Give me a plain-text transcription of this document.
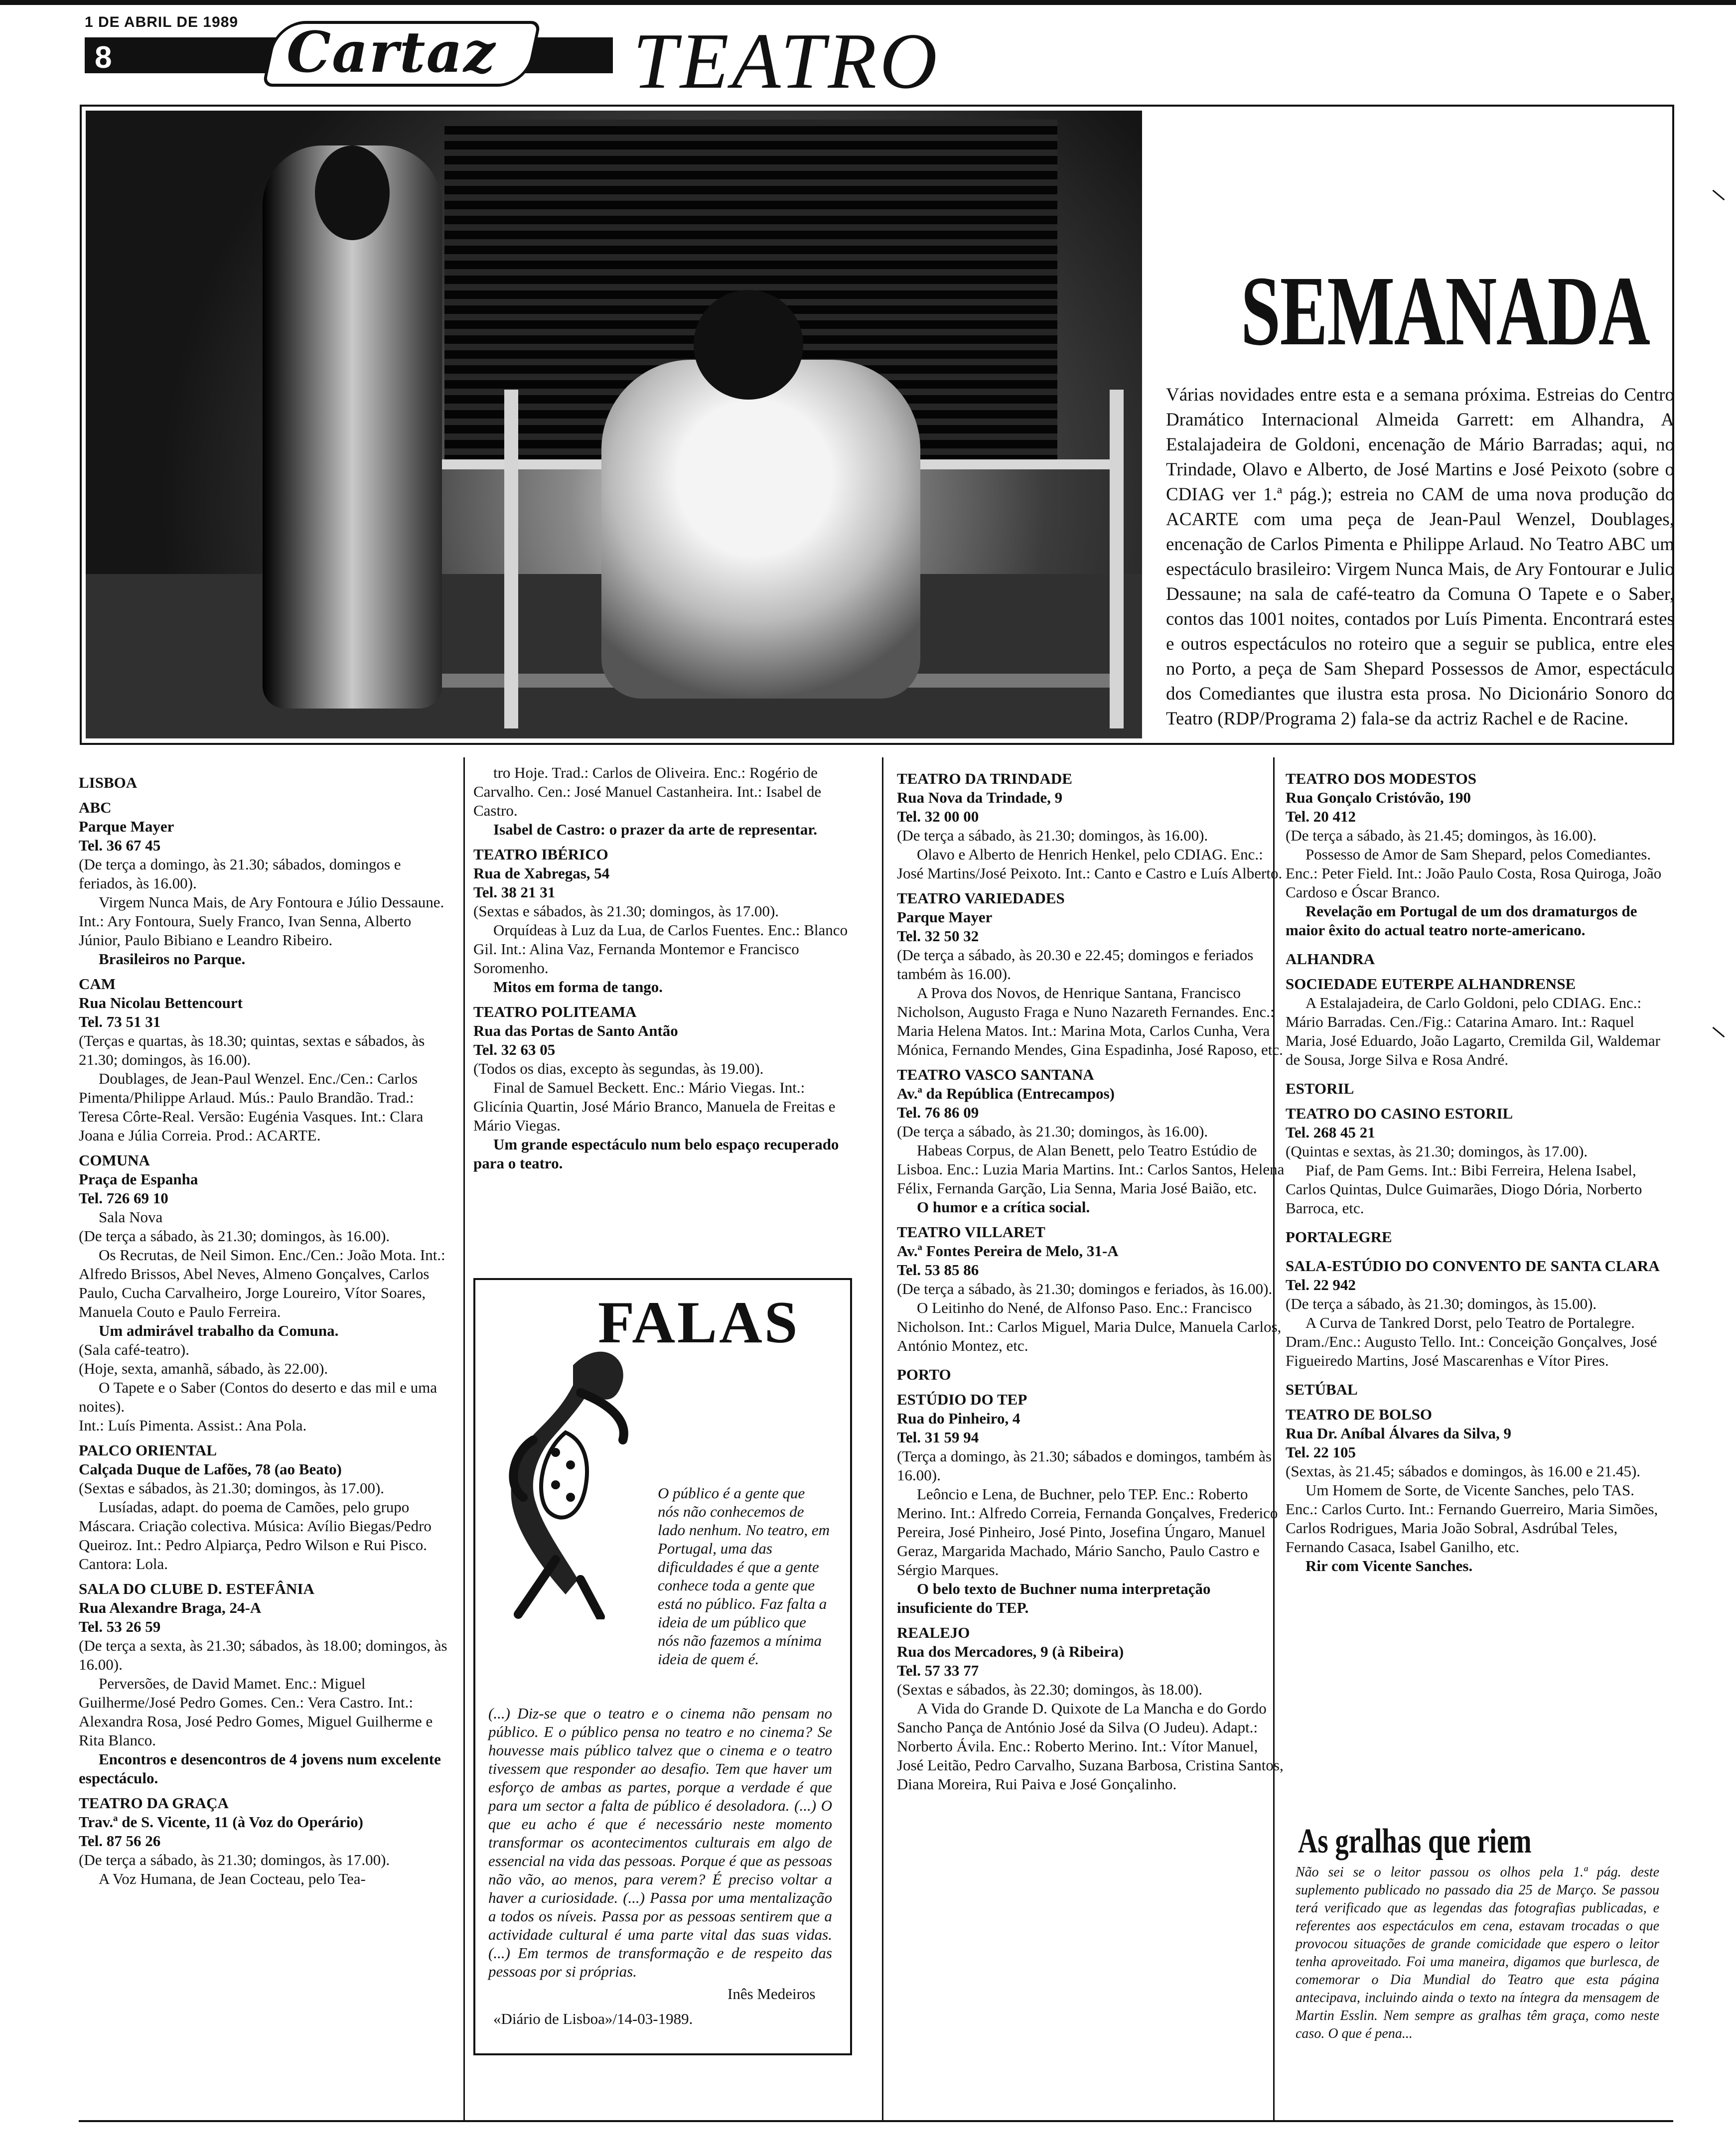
1 DE ABRIL DE 1989
8	Cartaz TEATRO
SEMANADA
Várias novidades entre esta e a semana próxima. Estreias do Centro Dramático Internacional Almeida Garrett: em Alhandra, A Estalajadeira de Goldoni, encenação de Mário Barradas; aqui, no Trindade, Olavo e Alberto, de José Martins e José Peixoto (sobre o CDIAG ver 1.ª pág.); estreia no CAM de uma nova produção do ACARTE com uma peça de Jean-Paul Wenzel, Doublages, encenação de Carlos Pimenta e Philippe Arlaud. No Teatro ABC um espectáculo brasileiro: Virgem Nunca Mais, de Ary Fontourar e Julio Dessaune; na sala de café-teatro da Comuna O Tapete e o Saber, contos das 1001 noites, contados por Luís Pimenta. Encontrará estes e outros espectáculos no roteiro que a seguir se publica, entre eles no Porto, a peça de Sam Shepard Possessos de Amor, espectáculo dos Comediantes que ilustra esta prosa. No Dicionário Sonoro do Teatro (RDP/Programa 2) fala-se da actriz Rachel e de Racine.
LISBOA
ABC
Parque Mayer
Tel. 36 67 45
(De terça a domingo, às 21.30; sábados, domingos e feriados, às 16.00).
Virgem Nunca Mais, de Ary Fontoura e Júlio Dessaune. Int.: Ary Fontoura, Suely Franco, Ivan Senna, Alberto Júnior, Paulo Bibiano e Leandro Ribeiro.
Brasileiros no Parque.
CAM
Rua Nicolau Bettencourt
Tel. 73 51 31
(Terças e quartas, às 18.30; quintas, sextas e sábados, às 21.30; domingos, às 16.00).
Doublages, de Jean-Paul Wenzel. Enc./Cen.: Carlos Pimenta/Philippe Arlaud. Mús.: Paulo Brandão. Trad.: Teresa Côrte-Real. Versão: Eugénia Vasques. Int.: Clara Joana e Júlia Correia. Prod.: ACARTE.
COMUNA
Praça de Espanha
Tel. 726 69 10
Sala Nova
(De terça a sábado, às 21.30; domingos, às 16.00).
Os Recrutas, de Neil Simon. Enc./Cen.: João Mota. Int.: Alfredo Brissos, Abel Neves, Almeno Gonçalves, Carlos Paulo, Cucha Carvalheiro, Jorge Loureiro, Vítor Soares, Manuela Couto e Paulo Ferreira.
Um admirável trabalho da Comuna.
(Sala café-teatro).
(Hoje, sexta, amanhã, sábado, às 22.00).
O Tapete e o Saber (Contos do deserto e das mil e uma noites).
Int.: Luís Pimenta. Assist.: Ana Pola.
PALCO ORIENTAL
Calçada Duque de Lafões, 78 (ao Beato)
(Sextas e sábados, às 21.30; domingos, às 17.00).
Lusíadas, adapt. do poema de Camões, pelo grupo Máscara. Criação colectiva. Música: Avílio Biegas/Pedro Queiroz. Int.: Pedro Alpiarça, Pedro Wilson e Rui Pisco. Cantora: Lola.
SALA DO CLUBE D. ESTEFÂNIA
Rua Alexandre Braga, 24-A
Tel. 53 26 59
(De terça a sexta, às 21.30; sábados, às 18.00; domingos, às 16.00).
Perversões, de David Mamet. Enc.: Miguel Guilherme/José Pedro Gomes. Cen.: Vera Castro. Int.: Alexandra Rosa, José Pedro Gomes, Miguel Guilherme e Rita Blanco.
Encontros e desencontros de 4 jovens num excelente espectáculo.
TEATRO DA GRAÇA
Trav.ª de S. Vicente, 11 (à Voz do Operário)
Tel. 87 56 26
(De terça a sábado, às 21.30; domingos, às 17.00).
A Voz Humana, de Jean Cocteau, pelo Tea-
tro Hoje. Trad.: Carlos de Oliveira. Enc.: Rogério de Carvalho. Cen.: José Manuel Castanheira. Int.: Isabel de Castro.
Isabel de Castro: o prazer da arte de representar.
TEATRO IBÉRICO
Rua de Xabregas, 54
Tel. 38 21 31
(Sextas e sábados, às 21.30; domingos, às 17.00).
Orquídeas à Luz da Lua, de Carlos Fuentes. Enc.: Blanco Gil. Int.: Alina Vaz, Fernanda Montemor e Francisco Soromenho.
Mitos em forma de tango.
TEATRO POLITEAMA
Rua das Portas de Santo Antão
Tel. 32 63 05
(Todos os dias, excepto às segundas, às 19.00).
Final de Samuel Beckett. Enc.: Mário Viegas. Int.: Glicínia Quartin, José Mário Branco, Manuela de Freitas e Mário Viegas.
Um grande espectáculo num belo espaço recuperado para o teatro.
TEATRO DA TRINDADE
Rua Nova da Trindade, 9
Tel. 32 00 00
(De terça a sábado, às 21.30; domingos, às 16.00).
Olavo e Alberto de Henrich Henkel, pelo CDIAG. Enc.: José Martins/José Peixoto. Int.: Canto e Castro e Luís Alberto.
TEATRO VARIEDADES
Parque Mayer
Tel. 32 50 32
(De terça a sábado, às 20.30 e 22.45; domingos e feriados também às 16.00).
A Prova dos Novos, de Henrique Santana, Francisco Nicholson, Augusto Fraga e Nuno Nazareth Fernandes. Enc.: Maria Helena Matos. Int.: Marina Mota, Carlos Cunha, Vera Mónica, Fernando Mendes, Gina Espadinha, José Raposo, etc.
TEATRO VASCO SANTANA
Av.ª da República (Entrecampos)
Tel. 76 86 09
(De terça a sábado, às 21.30; domingos, às 16.00).
Habeas Corpus, de Alan Benett, pelo Teatro Estúdio de Lisboa. Enc.: Luzia Maria Martins. Int.: Carlos Santos, Helena Félix, Fernanda Garção, Lia Senna, Maria José Baião, etc.
O humor e a crítica social.
TEATRO VILLARET
Av.ª Fontes Pereira de Melo, 31-A
Tel. 53 85 86
(De terça a sábado, às 21.30; domingos e feriados, às 16.00).
O Leitinho do Nené, de Alfonso Paso. Enc.: Francisco Nicholson. Int.: Carlos Miguel, Maria Dulce, Manuela Carlos, António Montez, etc.
PORTO
ESTÚDIO DO TEP
Rua do Pinheiro, 4
Tel. 31 59 94
(Terça a domingo, às 21.30; sábados e domingos, também às 16.00).
Leôncio e Lena, de Buchner, pelo TEP. Enc.: Roberto Merino. Int.: Alfredo Correia, Fernanda Gonçalves, Frederico Pereira, José Pinheiro, José Pinto, Josefina Úngaro, Manuel Geraz, Margarida Machado, Mário Sancho, Paulo Castro e Sérgio Marques.
O belo texto de Buchner numa interpretação insuficiente do TEP.
REALEJO
Rua dos Mercadores, 9 (à Ribeira)
Tel. 57 33 77
(Sextas e sábados, às 22.30; domingos, às 18.00).
A Vida do Grande D. Quixote de La Mancha e do Gordo Sancho Pança de António José da Silva (O Judeu). Adapt.: Norberto Ávila. Enc.: Roberto Merino. Int.: Vítor Manuel, José Leitão, Pedro Carvalho, Suzana Barbosa, Cristina Santos, Diana Moreira, Rui Paiva e José Gonçalinho.
TEATRO DOS MODESTOS
Rua Gonçalo Cristóvão, 190
Tel. 20 412
(De terça a sábado, às 21.45; domingos, às 16.00).
Possesso de Amor de Sam Shepard, pelos Comediantes. Enc.: Peter Field. Int.: João Paulo Costa, Rosa Quiroga, João Cardoso e Óscar Branco.
Revelação em Portugal de um dos dramaturgos de maior êxito do actual teatro norte-americano.
ALHANDRA
SOCIEDADE EUTERPE ALHANDRENSE
A Estalajadeira, de Carlo Goldoni, pelo CDIAG. Enc.: Mário Barradas. Cen./Fig.: Catarina Amaro. Int.: Raquel Maria, José Eduardo, João Lagarto, Cremilda Gil, Waldemar de Sousa, Jorge Silva e Rosa André.
ESTORIL
TEATRO DO CASINO ESTORIL
Tel. 268 45 21
(Quintas e sextas, às 21.30; domingos, às 17.00).
Piaf, de Pam Gems. Int.: Bibi Ferreira, Helena Isabel, Carlos Quintas, Dulce Guimarães, Diogo Dória, Norberto Barroca, etc.
PORTALEGRE
SALA-ESTÚDIO DO CONVENTO DE SANTA CLARA
Tel. 22 942
(De terça a sábado, às 21.30; domingos, às 15.00).
A Curva de Tankred Dorst, pelo Teatro de Portalegre. Dram./Enc.: Augusto Tello. Int.: Conceição Gonçalves, José Figueiredo Martins, José Mascarenhas e Vítor Pires.
SETÚBAL
TEATRO DE BOLSO
Rua Dr. Aníbal Álvares da Silva, 9
Tel. 22 105
(Sextas, às 21.45; sábados e domingos, às 16.00 e 21.45).
Um Homem de Sorte, de Vicente Sanches, pelo TAS. Enc.: Carlos Curto. Int.: Fernando Guerreiro, Maria Simões, Carlos Rodrigues, Maria João Sobral, Asdrúbal Teles, Fernando Casaca, Isabel Ganilho, etc.
Rir com Vicente Sanches.
FALAS
O público é a gente que nós não conhecemos de lado nenhum. No teatro, em Portugal, uma das dificuldades é que a gente conhece toda a gente que está no público. Faz falta a ideia de um público que nós não fazemos a mínima ideia de quem é.
(...) Diz-se que o teatro e o cinema não pensam no público. E o público pensa no teatro e no cinema? Se houvesse mais público talvez que o cinema e o teatro tivessem que responder ao desafio. Tem que haver um esforço de ambas as partes, porque a verdade é que para um sector a falta de público é desoladora. (...) O que eu acho é que é necessário neste momento transformar os acontecimentos culturais em algo de essencial na vida das pessoas. Porque é que as pessoas não vão, ao menos, para verem? É preciso voltar a haver a curiosidade. (...) Passa por uma mentalização a todos os níveis. Passa por as pessoas sentirem que a actividade cultural é uma parte vital das suas vidas. (...) Em termos de transformação e de respeito das pessoas por si próprias.
Inês Medeiros
«Diário de Lisboa»/14-03-1989.
As gralhas que riem
Não sei se o leitor passou os olhos pela 1.ª pág. deste suplemento publicado no passado dia 25 de Março. Se passou terá verificado que as legendas das fotografias publicadas, e referentes aos espectáculos em cena, estavam trocadas o que provocou situações de grande comicidade que espero o leitor tenha aproveitado. Foi uma maneira, digamos que burlesca, de comemorar o Dia Mundial do Teatro que esta página antecipava, incluindo ainda o texto na íntegra da mensagem de Martin Esslin. Nem sempre as gralhas têm graça, como neste caso. O que é pena...
